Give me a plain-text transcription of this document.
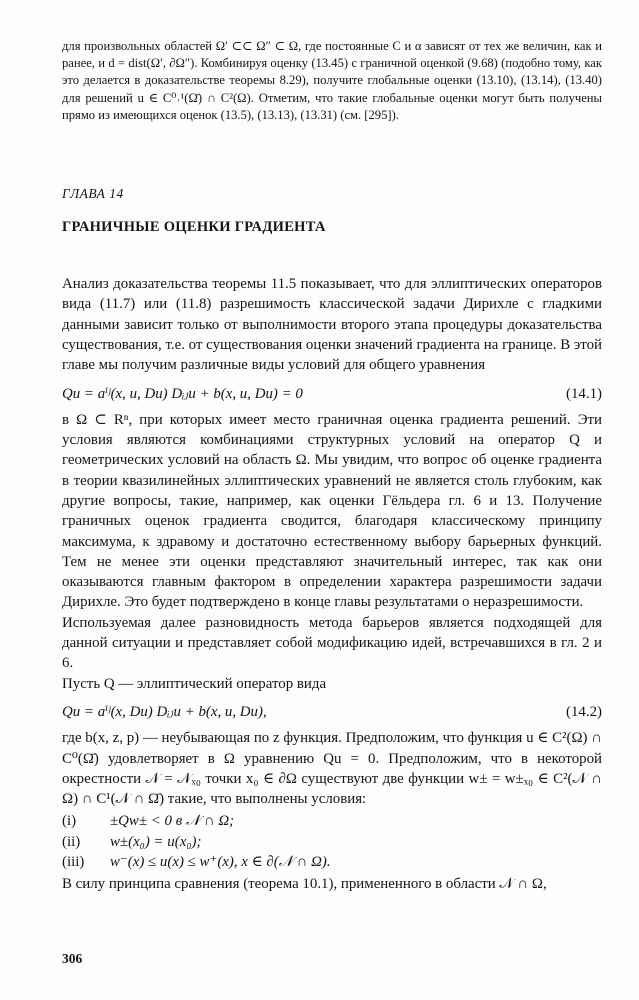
для произвольных областей Ω′ ⊂⊂ Ω″ ⊂ Ω, где постоянные C и α зависят от тех же величин, как и ранее, и d = dist(Ω′, ∂Ω″). Комбинируя оценку (13.45) с граничной оценкой (9.68) (подобно тому, как это делается в доказательстве теоремы 8.29), получите глобальные оценки (13.10), (13.14), (13.40) для решений u ∈ C⁰˒¹(Ω̄) ∩ C²(Ω). Отметим, что такие глобальные оценки могут быть получены прямо из имеющихся оценок (13.5), (13.13), (13.31) (см. [295]).

ГЛАВА 14
ГРАНИЧНЫЕ ОЦЕНКИ ГРАДИЕНТА

Анализ доказательства теоремы 11.5 показывает, что для эллиптических операторов вида (11.7) или (11.8) разрешимость классической задачи Дирихле с гладкими данными зависит только от выполнимости второго этапа процедуры доказательства существования, т.е. от существования оценки значений градиента на границе. В этой главе мы получим различные виды условий для общего уравнения

Qu = aⁱʲ(x, u, Du) Dᵢⱼu + b(x, u, Du) = 0	(14.1)

в Ω ⊂ Rⁿ, при которых имеет место граничная оценка градиента решений. Эти условия являются комбинациями структурных условий на оператор Q и геометрических условий на область Ω. Мы увидим, что вопрос об оценке градиента в теории квазилинейных эллиптических уравнений не является столь глубоким, как другие вопросы, такие, например, как оценки Гёльдера гл. 6 и 13. Получение граничных оценок градиента сводится, благодаря классическому принципу максимума, к здравому и достаточно естественному выбору барьерных функций. Тем не менее эти оценки представляют значительный интерес, так как они оказываются главным фактором в определении характера разрешимости задачи Дирихле. Это будет подтверждено в конце главы результатами о неразрешимости.

Используемая далее разновидность метода барьеров является подходящей для данной ситуации и представляет собой модификацию идей, встречавшихся в гл. 2 и 6.

Пусть Q — эллиптический оператор вида

Qu = aⁱʲ(x, Du) Dᵢⱼu + b(x, u, Du),	(14.2)

где b(x, z, p) — неубывающая по z функция. Предположим, что функция u ∈ C²(Ω) ∩ C⁰(Ω̄) удовлетворяет в Ω уравнению Qu = 0. Предположим, что в некоторой окрестности 𝒩 = 𝒩ₓ₀ точки x₀ ∈ ∂Ω существуют две функции w± = w±ₓ₀ ∈ C²(𝒩 ∩ Ω) ∩ C¹(𝒩 ∩ Ω̄) такие, что выполнены условия:

(i)	±Qw± < 0 в 𝒩 ∩ Ω;
(ii)	w±(x₀) = u(x₀);
(iii)	w⁻(x) ≤ u(x) ≤ w⁺(x), x ∈ ∂(𝒩 ∩ Ω).

В силу принципа сравнения (теорема 10.1), примененного в области 𝒩 ∩ Ω,

306
